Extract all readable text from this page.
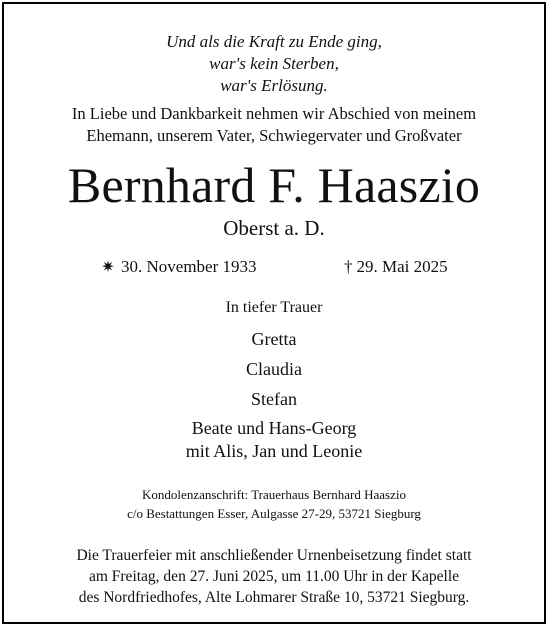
Und als die Kraft zu Ende ging,
war's kein Sterben,
war's Erlösung.
In Liebe und Dankbarkeit nehmen wir Abschied von meinem
Ehemann, unserem Vater, Schwiegervater und Großvater
Bernhard F. Haaszio
Oberst a. D.
✷ 30. November 1933	† 29. Mai 2025
In tiefer Trauer
Gretta
Claudia
Stefan
Beate und Hans-Georg
mit Alis, Jan und Leonie
Kondolenzanschrift: Trauerhaus Bernhard Haaszio
c/o Bestattungen Esser, Aulgasse 27-29, 53721 Siegburg
Die Trauerfeier mit anschließender Urnenbeisetzung findet statt
am Freitag, den 27. Juni 2025, um 11.00 Uhr in der Kapelle
des Nordfriedhofes, Alte Lohmarer Straße 10, 53721 Siegburg.
